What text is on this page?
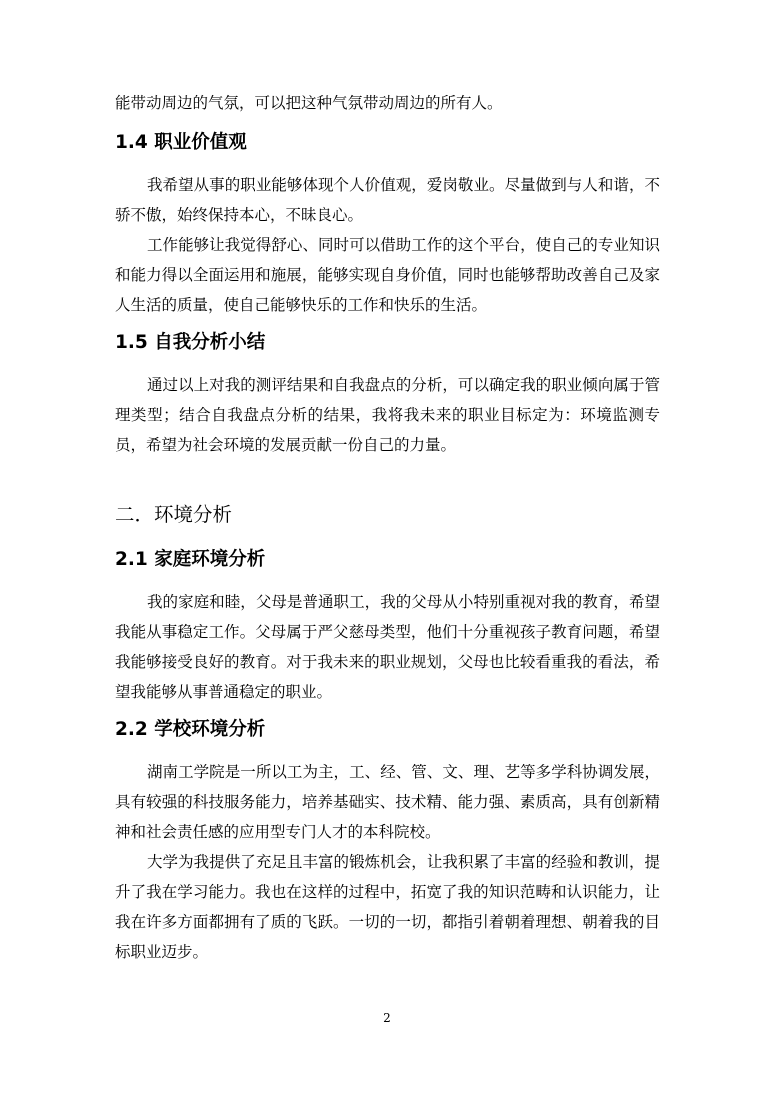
能带动周边的气氛，可以把这种气氛带动周边的所有人。

1.4 职业价值观

我希望从事的职业能够体现个人价值观，爱岗敬业。尽量做到与人和谐，不骄不傲，始终保持本心，不昧良心。

工作能够让我觉得舒心、同时可以借助工作的这个平台，使自己的专业知识和能力得以全面运用和施展，能够实现自身价值，同时也能够帮助改善自己及家人生活的质量，使自己能够快乐的工作和快乐的生活。

1.5 自我分析小结

通过以上对我的测评结果和自我盘点的分析，可以确定我的职业倾向属于管理类型；结合自我盘点分析的结果，我将我未来的职业目标定为：环境监测专员，希望为社会环境的发展贡献一份自己的力量。

二．环境分析
2.1 家庭环境分析

我的家庭和睦，父母是普通职工，我的父母从小特别重视对我的教育，希望我能从事稳定工作。父母属于严父慈母类型，他们十分重视孩子教育问题，希望我能够接受良好的教育。对于我未来的职业规划，父母也比较看重我的看法，希望我能够从事普通稳定的职业。

2.2 学校环境分析

湖南工学院是一所以工为主，工、经、管、文、理、艺等多学科协调发展，具有较强的科技服务能力，培养基础实、技术精、能力强、素质高，具有创新精神和社会责任感的应用型专门人才的本科院校。

大学为我提供了充足且丰富的锻炼机会，让我积累了丰富的经验和教训，提升了我在学习能力。我也在这样的过程中，拓宽了我的知识范畴和认识能力，让我在许多方面都拥有了质的飞跃。一切的一切，都指引着朝着理想、朝着我的目标职业迈步。

2
